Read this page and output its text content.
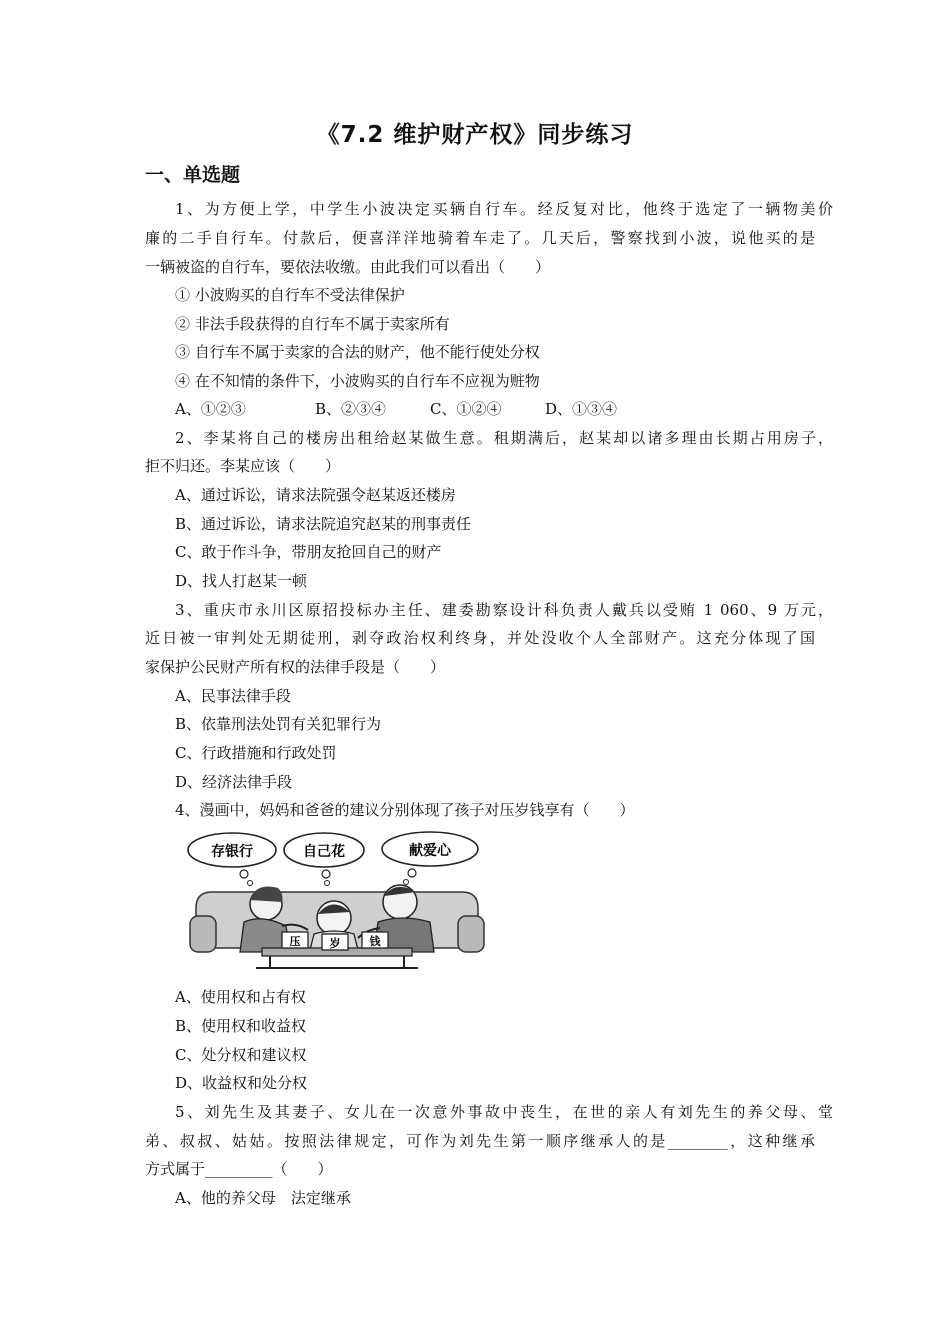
《7.2 维护财产权》同步练习
一、单选题
1、为方便上学，中学生小波决定买辆自行车。经反复对比，他终于选定了一辆物美价
廉的二手自行车。付款后，便喜洋洋地骑着车走了。几天后，警察找到小波，说他买的是
一辆被盗的自行车，要依法收缴。由此我们可以看出（　　）
① 小波购买的自行车不受法律保护
② 非法手段获得的自行车不属于卖家所有
③ 自行车不属于卖家的合法的财产，他不能行使处分权
④ 在不知情的条件下，小波购买的自行车不应视为赃物
A、①②③	B、②③④	C、①②④	D、①③④
2、李某将自己的楼房出租给赵某做生意。租期满后，赵某却以诸多理由长期占用房子，
拒不归还。李某应该（　　）
A、通过诉讼，请求法院强令赵某返还楼房
B、通过诉讼，请求法院追究赵某的刑事责任
C、敢于作斗争，带朋友抢回自己的财产
D、找人打赵某一顿
3、重庆市永川区原招投标办主任、建委勘察设计科负责人戴兵以受贿 1 060、9 万元，
近日被一审判处无期徒刑，剥夺政治权利终身，并处没收个人全部财产。这充分体现了国
家保护公民财产所有权的法律手段是（　　）
A、民事法律手段
B、依靠刑法处罚有关犯罪行为
C、行政措施和行政处罚
D、经济法律手段
4、漫画中，妈妈和爸爸的建议分别体现了孩子对压岁钱享有（　　）
存银行	自己花	献爱心
压	岁	钱
A、使用权和占有权
B、使用权和收益权
C、处分权和建议权
D、收益权和处分权
5、刘先生及其妻子、女儿在一次意外事故中丧生，在世的亲人有刘先生的养父母、堂
弟、叔叔、姑姑。按照法律规定，可作为刘先生第一顺序继承人的是________，这种继承
方式属于_________（　　）
A、他的养父母　法定继承
